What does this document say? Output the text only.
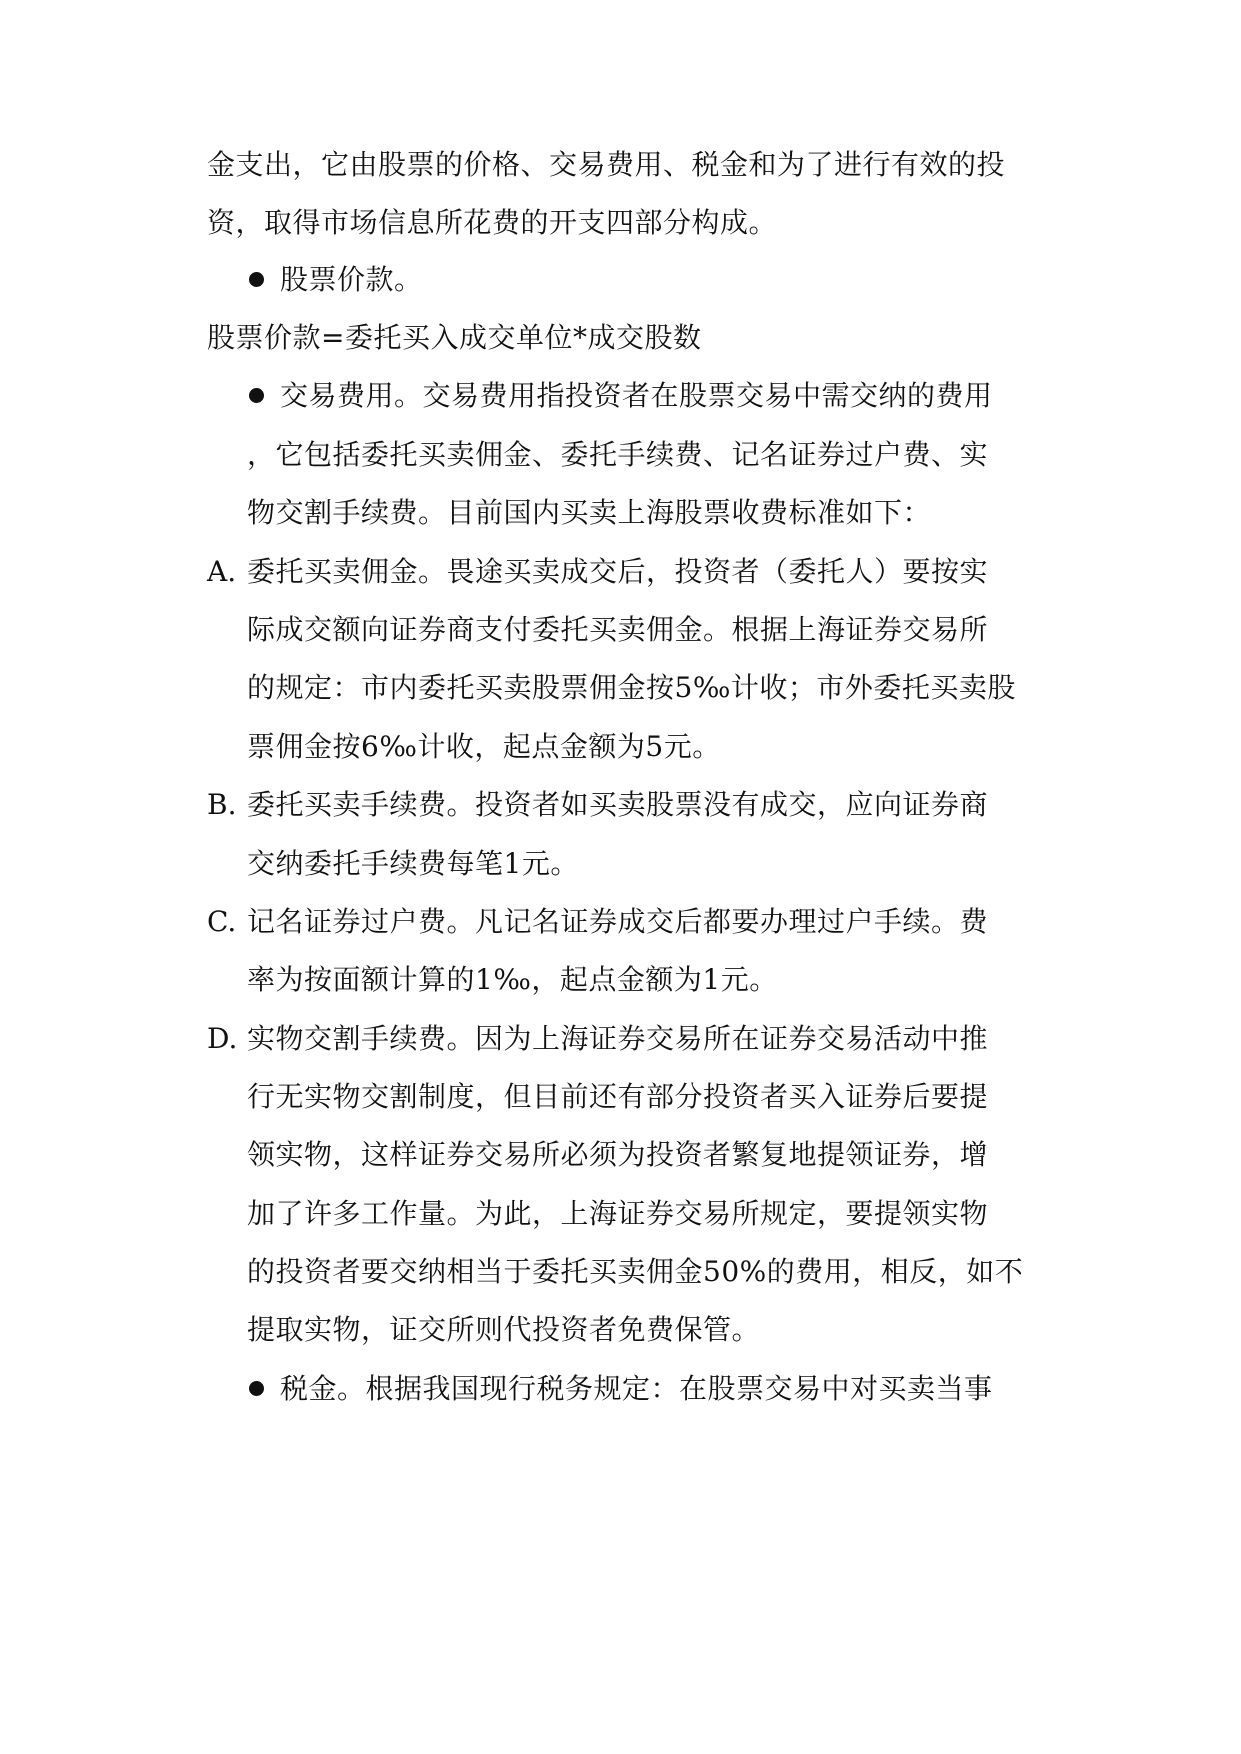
金支出，它由股票的价格、交易费用、税金和为了进行有效的投
资，取得市场信息所花费的开支四部分构成。
股票价款。
股票价款=委托买入成交单位*成交股数
交易费用。交易费用指投资者在股票交易中需交纳的费用
，它包括委托买卖佣金、委托手续费、记名证券过户费、实
物交割手续费。目前国内买卖上海股票收费标准如下：
A. 委托买卖佣金。畏途买卖成交后，投资者（委托人）要按实
际成交额向证券商支付委托买卖佣金。根据上海证券交易所
的规定：市内委托买卖股票佣金按5‰计收；市外委托买卖股
票佣金按6‰计收，起点金额为5元。
B. 委托买卖手续费。投资者如买卖股票没有成交，应向证券商
交纳委托手续费每笔1元。
C. 记名证券过户费。凡记名证券成交后都要办理过户手续。费
率为按面额计算的1‰，起点金额为1元。
D. 实物交割手续费。因为上海证券交易所在证券交易活动中推
行无实物交割制度，但目前还有部分投资者买入证券后要提
领实物，这样证券交易所必须为投资者繁复地提领证券，增
加了许多工作量。为此，上海证券交易所规定，要提领实物
的投资者要交纳相当于委托买卖佣金50%的费用，相反，如不
提取实物，证交所则代投资者免费保管。
税金。根据我国现行税务规定：在股票交易中对买卖当事
